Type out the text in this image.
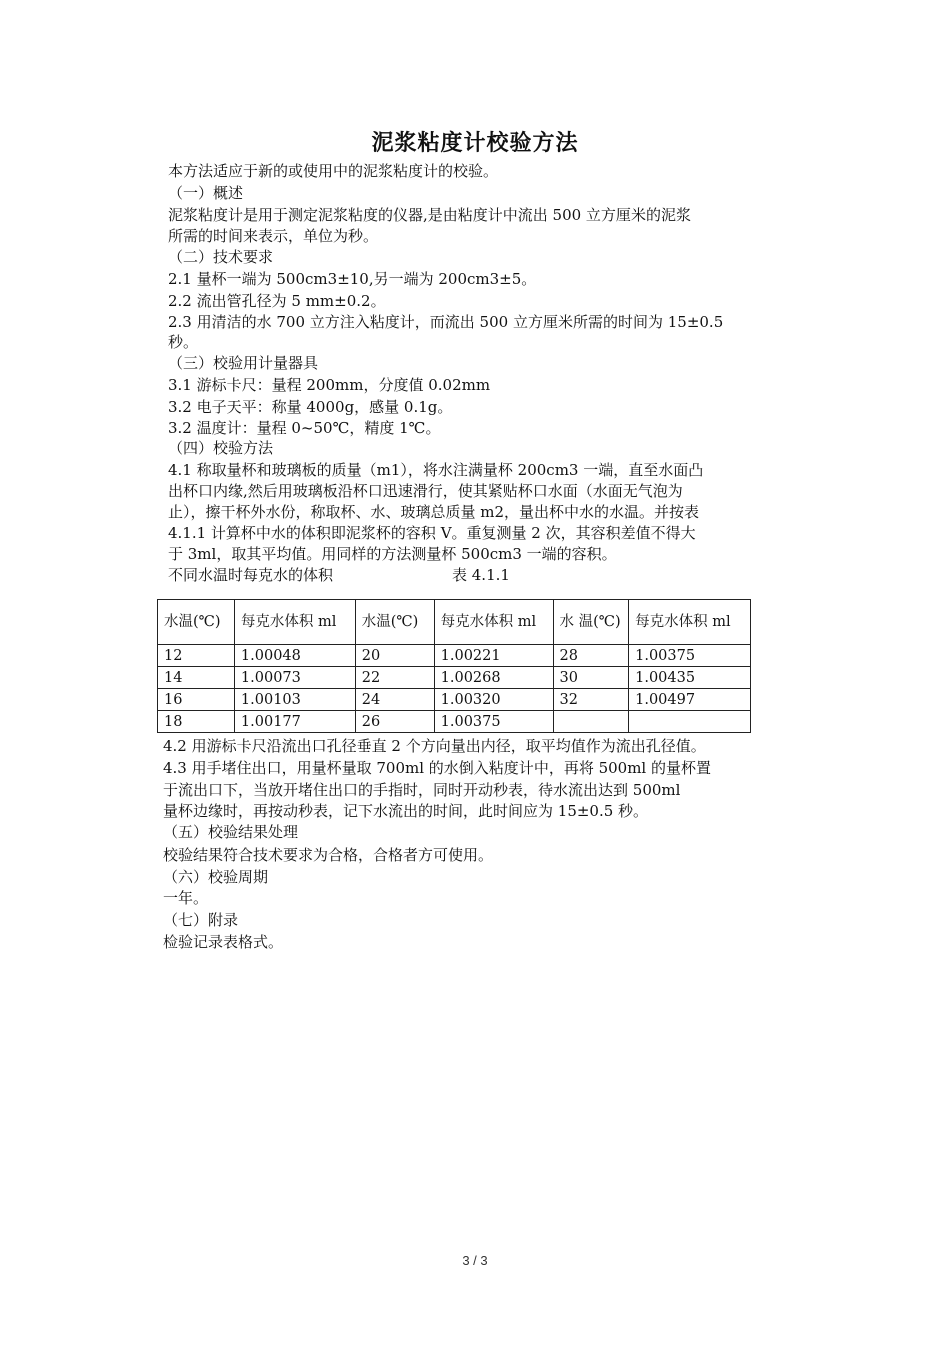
泥浆粘度计校验方法
本方法适应于新的或使用中的泥浆粘度计的校验。
（一）概述
泥浆粘度计是用于测定泥浆粘度的仪器,是由粘度计中流出 500 立方厘米的泥浆
所需的时间来表示，单位为秒。
（二）技术要求
2.1 量杯一端为 500cm3±10,另一端为 200cm3±5。
2.2 流出管孔径为 5 mm±0.2。
2.3 用清洁的水 700 立方注入粘度计，而流出 500 立方厘米所需的时间为 15±0.5
秒。
（三）校验用计量器具
3.1 游标卡尺：量程 200mm，分度值 0.02mm
3.2 电子天平：称量 4000g，感量 0.1g。
3.2 温度计：量程 0~50℃，精度 1℃。
（四）校验方法
4.1 称取量杯和玻璃板的质量（m1），将水注满量杯 200cm3 一端，直至水面凸
出杯口内缘,然后用玻璃板沿杯口迅速滑行，使其紧贴杯口水面（水面无气泡为
止），擦干杯外水份，称取杯、水、玻璃总质量 m2，量出杯中水的水温。并按表
4.1.1 计算杯中水的体积即泥浆杯的容积 V。重复测量 2 次，其容积差值不得大
于 3ml，取其平均值。用同样的方法测量杯 500cm3 一端的容积。
不同水温时每克水的体积	表 4.1.1
水温(℃)	每克水体积 ml	水温(℃)	每克水体积 ml	水 温(℃)	每克水体积 ml
12	1.00048	20	1.00221	28	1.00375
14	1.00073	22	1.00268	30	1.00435
16	1.00103	24	1.00320	32	1.00497
18	1.00177	26	1.00375		
4.2 用游标卡尺沿流出口孔径垂直 2 个方向量出内径，取平均值作为流出孔径值。
4.3 用手堵住出口，用量杯量取 700ml 的水倒入粘度计中，再将 500ml 的量杯置
于流出口下，当放开堵住出口的手指时，同时开动秒表，待水流出达到 500ml
量杯边缘时，再按动秒表，记下水流出的时间，此时间应为 15±0.5 秒。
（五）校验结果处理
校验结果符合技术要求为合格，合格者方可使用。
（六）校验周期
一年。
（七）附录
检验记录表格式。
3 / 3
